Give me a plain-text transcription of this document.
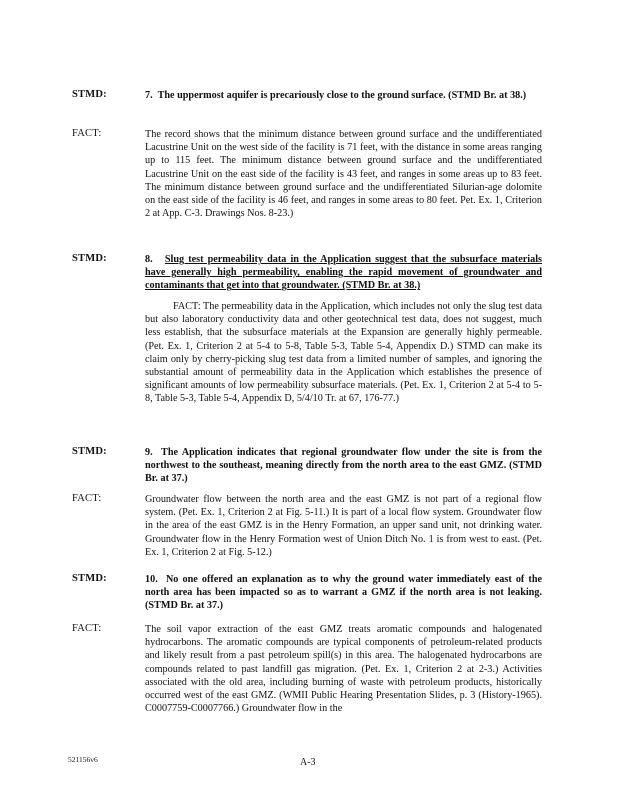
STMD:	7. The uppermost aquifer is precariously close to the ground surface. (STMD Br. at 38.)
FACT:	The record shows that the minimum distance between ground surface and the undifferentiated Lacustrine Unit on the west side of the facility is 71 feet, with the distance in some areas ranging up to 115 feet. The minimum distance between ground surface and the undifferentiated Lacustrine Unit on the east side of the facility is 43 feet, and ranges in some areas up to 83 feet. The minimum distance between ground surface and the undifferentiated Silurian-age dolomite on the east side of the facility is 46 feet, and ranges in some areas to 80 feet. Pet. Ex. 1, Criterion 2 at App. C-3. Drawings Nos. 8-23.)
STMD:	8. Slug test permeability data in the Application suggest that the subsurface materials have generally high permeability, enabling the rapid movement of groundwater and contaminants that get into that groundwater. (STMD Br. at 38.)
FACT: The permeability data in the Application, which includes not only the slug test data but also laboratory conductivity data and other geotechnical test data, does not suggest, much less establish, that the subsurface materials at the Expansion are generally highly permeable. (Pet. Ex. 1, Criterion 2 at 5-4 to 5-8, Table 5-3, Table 5-4, Appendix D.) STMD can make its claim only by cherry-picking slug test data from a limited number of samples, and ignoring the substantial amount of permeability data in the Application which establishes the presence of significant amounts of low permeability subsurface materials. (Pet. Ex. 1, Criterion 2 at 5-4 to 5-8, Table 5-3, Table 5-4, Appendix D, 5/4/10 Tr. at 67, 176-77.)
STMD:	9. The Application indicates that regional groundwater flow under the site is from the northwest to the southeast, meaning directly from the north area to the east GMZ. (STMD Br. at 37.)
FACT:	Groundwater flow between the north area and the east GMZ is not part of a regional flow system. (Pet. Ex. 1, Criterion 2 at Fig. 5-11.) It is part of a local flow system. Groundwater flow in the area of the east GMZ is in the Henry Formation, an upper sand unit, not drinking water. Groundwater flow in the Henry Formation west of Union Ditch No. 1 is from west to east. (Pet. Ex. 1, Criterion 2 at Fig. 5-12.)
STMD:	10. No one offered an explanation as to why the ground water immediately east of the north area has been impacted so as to warrant a GMZ if the north area is not leaking. (STMD Br. at 37.)
FACT:	The soil vapor extraction of the east GMZ treats aromatic compounds and halogenated hydrocarbons. The aromatic compounds are typical components of petroleum-related products and likely result from a past petroleum spill(s) in this area. The halogenated hydrocarbons are compounds related to past landfill gas migration. (Pet. Ex. 1, Criterion 2 at 2-3.) Activities associated with the old area, including burning of waste with petroleum products, historically occurred west of the east GMZ. (WMII Public Hearing Presentation Slides, p. 3 (History-1965). C0007759-C0007766.) Groundwater flow in the
521156v6	A-3
